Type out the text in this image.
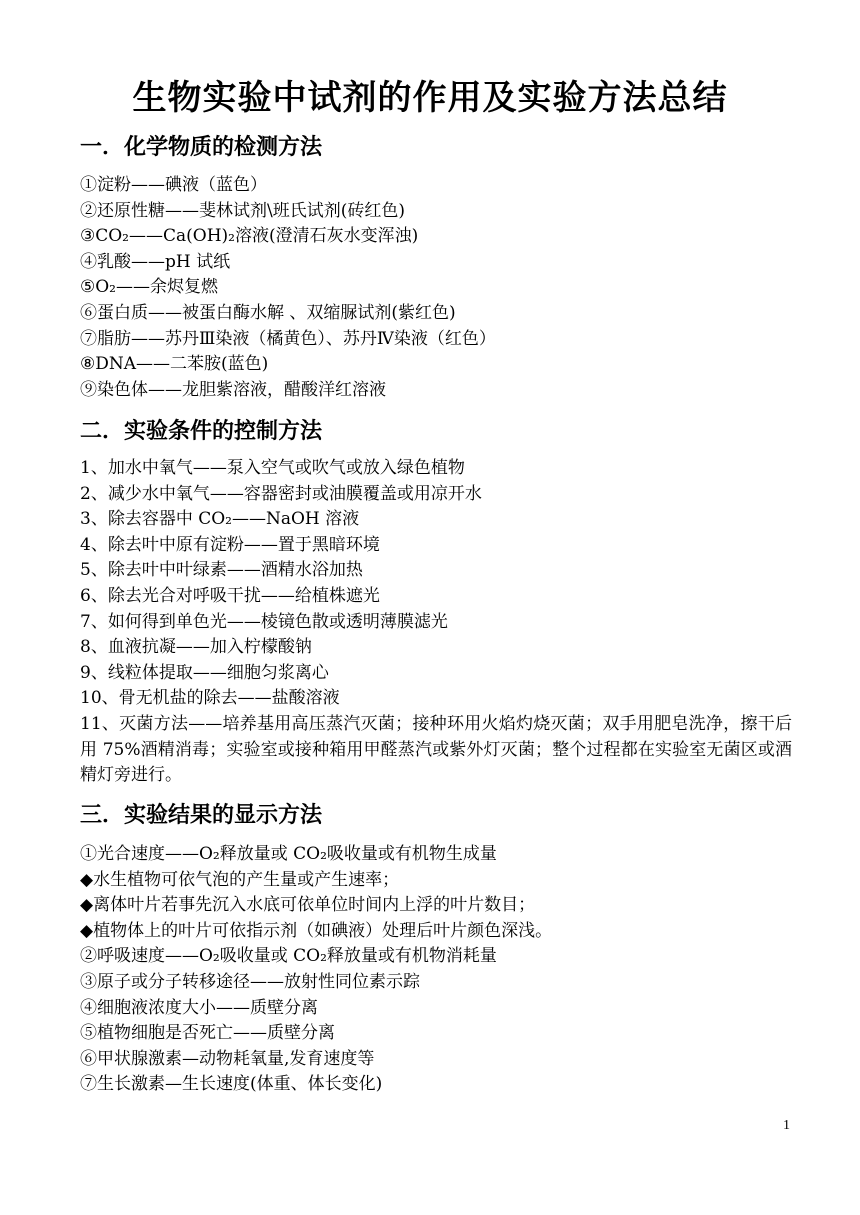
生物实验中试剂的作用及实验方法总结
一．化学物质的检测方法
①淀粉——碘液（蓝色）
②还原性糖——斐林试剂\班氏试剂(砖红色)
③CO₂——Ca(OH)₂溶液(澄清石灰水变浑浊)
④乳酸——pH 试纸
⑤O₂——余烬复燃
⑥蛋白质——被蛋白酶水解 、双缩脲试剂(紫红色)
⑦脂肪——苏丹Ⅲ染液（橘黄色）、苏丹Ⅳ染液（红色）
⑧DNA——二苯胺(蓝色)
⑨染色体——龙胆紫溶液，醋酸洋红溶液
二．实验条件的控制方法
1、加水中氧气——泵入空气或吹气或放入绿色植物
2、减少水中氧气——容器密封或油膜覆盖或用凉开水
3、除去容器中 CO₂——NaOH 溶液
4、除去叶中原有淀粉——置于黑暗环境
5、除去叶中叶绿素——酒精水浴加热
6、除去光合对呼吸干扰——给植株遮光
7、如何得到单色光——棱镜色散或透明薄膜滤光
8、血液抗凝——加入柠檬酸钠
9、线粒体提取——细胞匀浆离心
10、骨无机盐的除去——盐酸溶液
11、灭菌方法——培养基用高压蒸汽灭菌；接种环用火焰灼烧灭菌；双手用肥皂洗净，擦干后用 75%酒精消毒；实验室或接种箱用甲醛蒸汽或紫外灯灭菌；整个过程都在实验室无菌区或酒精灯旁进行。
三．实验结果的显示方法
①光合速度——O₂释放量或 CO₂吸收量或有机物生成量
◆水生植物可依气泡的产生量或产生速率；
◆离体叶片若事先沉入水底可依单位时间内上浮的叶片数目；
◆植物体上的叶片可依指示剂（如碘液）处理后叶片颜色深浅。
②呼吸速度——O₂吸收量或 CO₂释放量或有机物消耗量
③原子或分子转移途径——放射性同位素示踪
④细胞液浓度大小——质壁分离
⑤植物细胞是否死亡——质壁分离
⑥甲状腺激素—动物耗氧量,发育速度等
⑦生长激素—生长速度(体重、体长变化)
1
